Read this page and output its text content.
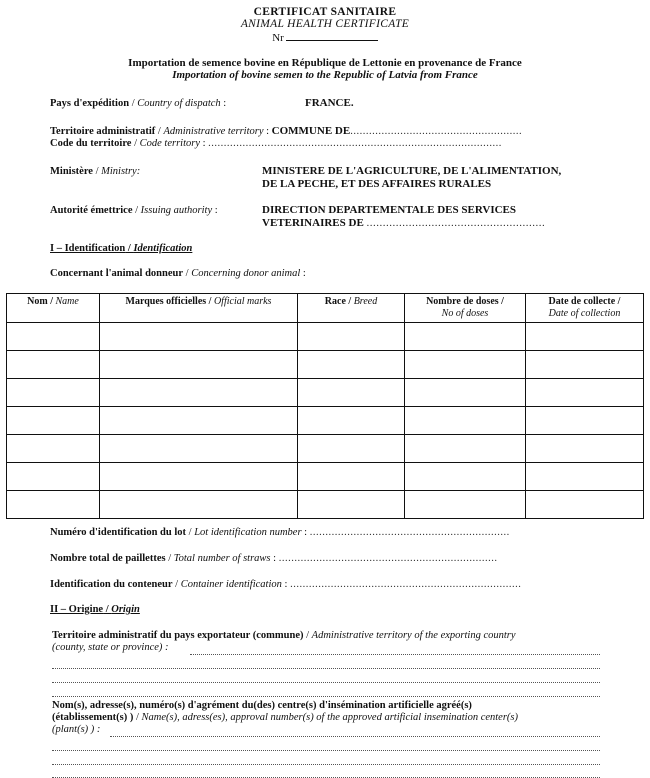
CERTIFICAT SANITAIRE
ANIMAL HEALTH CERTIFICATE
Nr
Importation de semence bovine en République de Lettonie en provenance de France
Importation of bovine semen to the Republic of Latvia from France
Pays d'expédition / Country of dispatch :	FRANCE.
Territoire administratif / Administrative territory : COMMUNE DE.......................................................
Code du territoire / Code territory : ..............................................................................................
Ministère / Ministry:	MINISTERE DE L'AGRICULTURE, DE L'ALIMENTATION,
DE LA PECHE, ET DES AFFAIRES RURALES
Autorité émettrice / Issuing authority :	DIRECTION DEPARTEMENTALE DES SERVICES
VETERINAIRES DE .......................................................
I – Identification / Identification
Concernant l'animal donneur / Concerning donor animal :
Nom / Name	Marques officielles / Official marks	Race / Breed	Nombre de doses /
No of doses	Date de collecte /
Date of collection

Numéro d'identification du lot / Lot identification number : ................................................................
Nombre total de paillettes / Total number of straws : ......................................................................
Identification du conteneur / Container identification : ..........................................................................
II – Origine / Origin
Territoire administratif du pays exportateur (commune) / Administrative territory of the exporting country
(county, state or province) :
Nom(s), adresse(s), numéro(s) d'agrément du(des) centre(s) d'insémination artificielle agréé(s)
(établissement(s) ) / Name(s), adress(es), approval number(s) of the approved artificial insemination center(s)
(plant(s) ) :
